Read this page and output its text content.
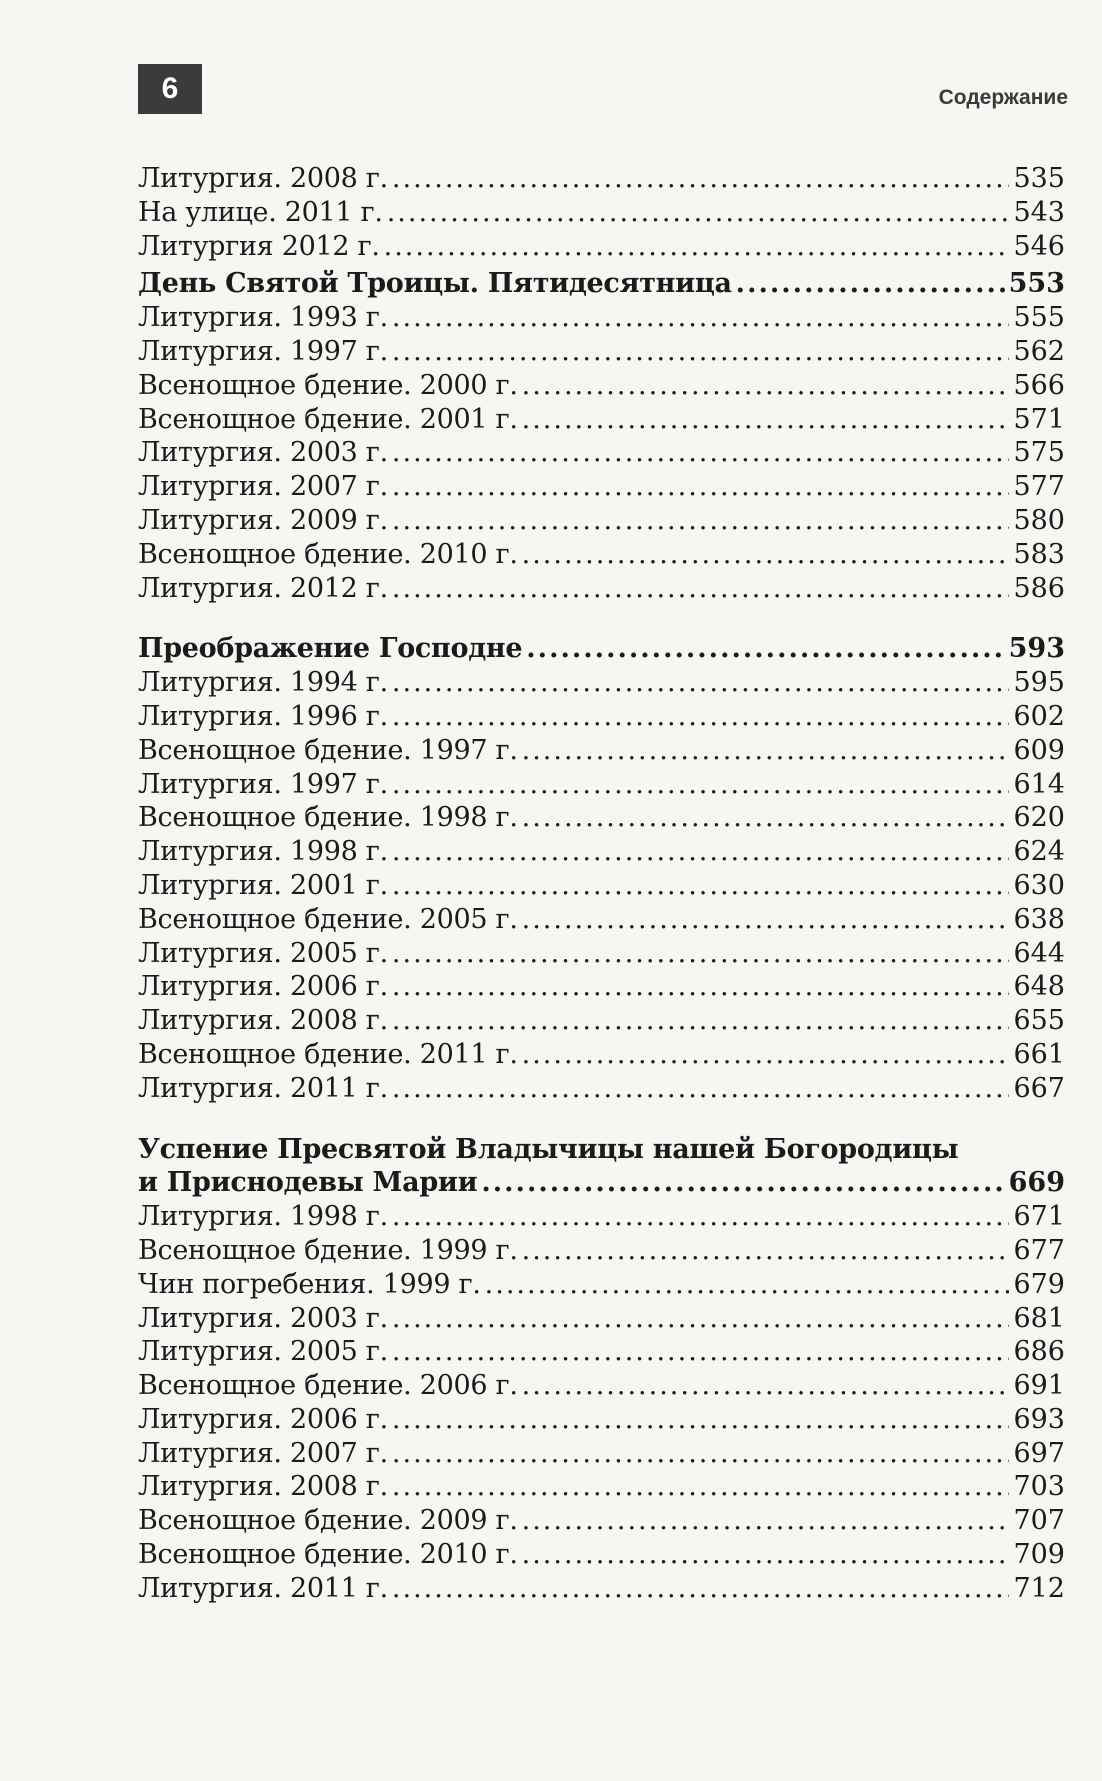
6	Содержание
Литургия. 2008 г. .....	535
На улице. 2011 г. .....	543
Литургия 2012 г. .....	546
День Святой Троицы. Пятидесятница .....	553
Литургия. 1993 г. .....	555
Литургия. 1997 г. .....	562
Всенощное бдение. 2000 г. .....	566
Всенощное бдение. 2001 г. .....	571
Литургия. 2003 г. .....	575
Литургия. 2007 г. .....	577
Литургия. 2009 г. .....	580
Всенощное бдение. 2010 г. .....	583
Литургия. 2012 г. .....	586
Преображение Господне .....	593
Литургия. 1994 г. .....	595
Литургия. 1996 г. .....	602
Всенощное бдение. 1997 г. .....	609
Литургия. 1997 г. .....	614
Всенощное бдение. 1998 г. .....	620
Литургия. 1998 г. .....	624
Литургия. 2001 г. .....	630
Всенощное бдение. 2005 г. .....	638
Литургия. 2005 г. .....	644
Литургия. 2006 г. .....	648
Литургия. 2008 г. .....	655
Всенощное бдение. 2011 г. .....	661
Литургия. 2011 г. .....	667
Успение Пресвятой Владычицы нашей Богородицы
и Приснодевы Марии .....	669
Литургия. 1998 г. .....	671
Всенощное бдение. 1999 г. .....	677
Чин погребения. 1999 г. .....	679
Литургия. 2003 г. .....	681
Литургия. 2005 г. .....	686
Всенощное бдение. 2006 г. .....	691
Литургия. 2006 г. .....	693
Литургия. 2007 г. .....	697
Литургия. 2008 г. .....	703
Всенощное бдение. 2009 г. .....	707
Всенощное бдение. 2010 г. .....	709
Литургия. 2011 г. .....	712
